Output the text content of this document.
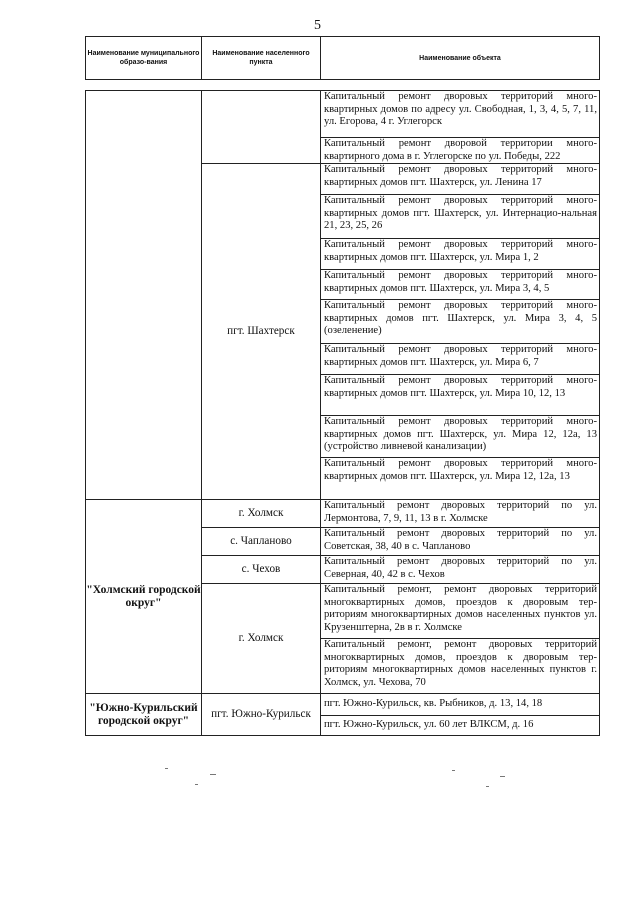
5
Наименование муниципального образо-вания	Наименование населенного пункта	Наименование объекта
		Капитальный ремонт дворовых территорий много-квартирных домов по адресу ул. Свободная, 1, 3, 4, 5, 7, 11, ул. Егорова, 4 г. Углегорск
		Капитальный ремонт дворовой территории много-квартирного дома в г. Углегорске по ул. Победы, 222
	пгт. Шахтерск	Капитальный ремонт дворовых территорий много-квартирных домов пгт. Шахтерск, ул. Ленина 17
		Капитальный ремонт дворовых территорий много-квартирных домов пгт. Шахтерск, ул. Интернацио-нальная 21, 23, 25, 26
		Капитальный ремонт дворовых территорий много-квартирных домов пгт. Шахтерск, ул. Мира 1, 2
		Капитальный ремонт дворовых территорий много-квартирных домов пгт. Шахтерск, ул. Мира 3, 4, 5
		Капитальный ремонт дворовых территорий много-квартирных домов пгт. Шахтерск, ул. Мира 3, 4, 5 (озеленение)
		Капитальный ремонт дворовых территорий много-квартирных домов пгт. Шахтерск, ул. Мира 6, 7
		Капитальный ремонт дворовых территорий много-квартирных домов пгт. Шахтерск, ул. Мира 10, 12, 13
		Капитальный ремонт дворовых территорий много-квартирных домов пгт. Шахтерск, ул. Мира 12, 12а, 13 (устройство ливневой канализации)
		Капитальный ремонт дворовых территорий много-квартирных домов пгт. Шахтерск, ул. Мира 12, 12а, 13
"Холмский городской округ"	г. Холмск	Капитальный ремонт дворовых территорий по ул. Лермонтова, 7, 9, 11, 13 в г. Холмске
	с. Чапланово	Капитальный ремонт дворовых территорий по ул. Советская, 38, 40 в с. Чапланово
	с. Чехов	Капитальный ремонт дворовых территорий по ул. Северная, 40, 42 в с. Чехов
	г. Холмск	Капитальный ремонт, ремонт дворовых территорий многоквартирных домов, проездов к дворовым тер-риториям многоквартирных домов населенных пунктов ул. Крузенштерна, 2в в г. Холмске
		Капитальный ремонт, ремонт дворовых территорий многоквартирных домов, проездов к дворовым тер-риториям многоквартирных домов населенных пунктов г. Холмск, ул. Чехова, 70
"Южно-Курильский городской округ"	пгт. Южно-Курильск	пгт. Южно-Курильск, кв. Рыбников, д. 13, 14, 18
		пгт. Южно-Курильск, ул. 60 лет ВЛКСМ, д. 16
